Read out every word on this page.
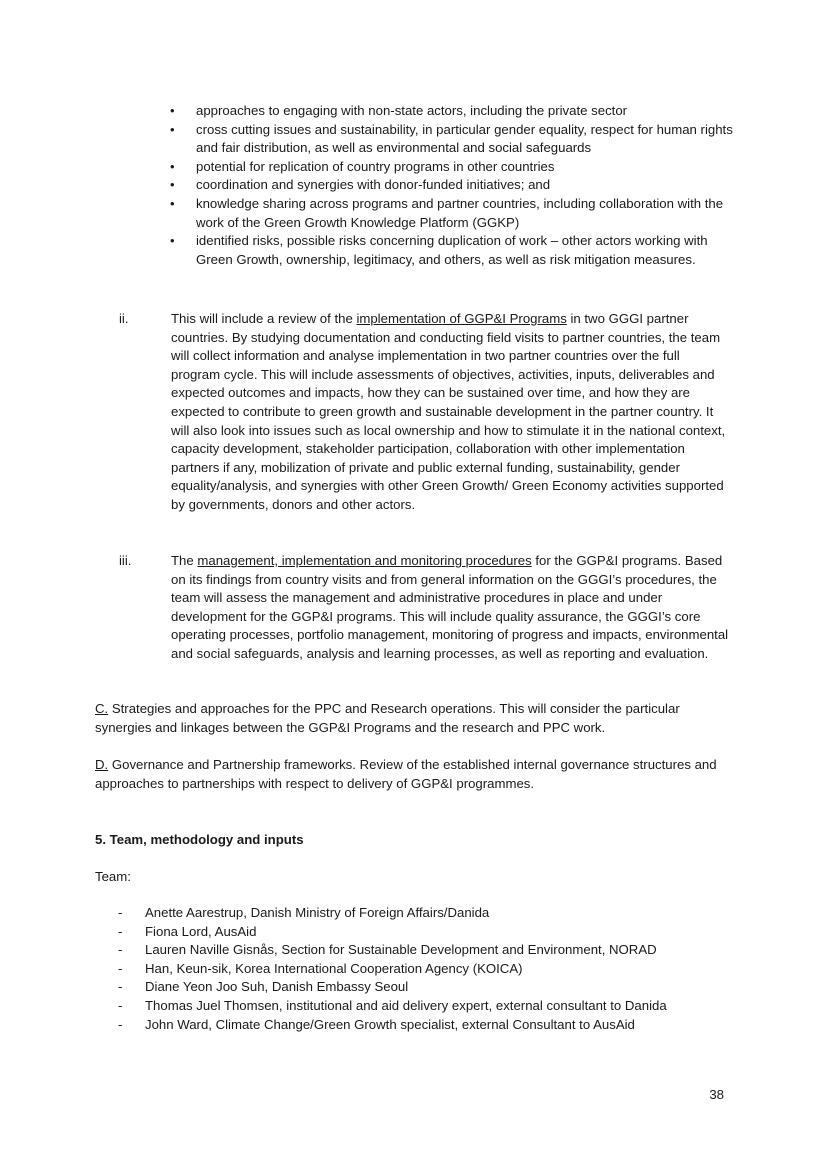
• approaches to engaging with non-state actors, including the private sector
• cross cutting issues and sustainability, in particular gender equality, respect for human rights and fair distribution, as well as environmental and social safeguards
• potential for replication of country programs in other countries
• coordination and synergies with donor-funded initiatives; and
• knowledge sharing across programs and partner countries, including collaboration with the work of the Green Growth Knowledge Platform (GGKP)
• identified risks, possible risks concerning duplication of work – other actors working with Green Growth, ownership, legitimacy, and others, as well as risk mitigation measures.
ii.	This will include a review of the implementation of GGP&I Programs in two GGGI partner countries. By studying documentation and conducting field visits to partner countries, the team will collect information and analyse implementation in two partner countries over the full program cycle. This will include assessments of objectives, activities, inputs, deliverables and expected outcomes and impacts, how they can be sustained over time, and how they are expected to contribute to green growth and sustainable development in the partner country. It will also look into issues such as local ownership and how to stimulate it in the national context, capacity development, stakeholder participation, collaboration with other implementation partners if any, mobilization of private and public external funding, sustainability, gender equality/analysis, and synergies with other Green Growth/ Green Economy activities supported by governments, donors and other actors.
iii.	The management, implementation and monitoring procedures for the GGP&I programs. Based on its findings from country visits and from general information on the GGGI’s procedures, the team will assess the management and administrative procedures in place and under development for the GGP&I programs. This will include quality assurance, the GGGI’s core operating processes, portfolio management, monitoring of progress and impacts, environmental and social safeguards, analysis and learning processes, as well as reporting and evaluation.
C. Strategies and approaches for the PPC and Research operations. This will consider the particular synergies and linkages between the GGP&I Programs and the research and PPC work.
D. Governance and Partnership frameworks. Review of the established internal governance structures and approaches to partnerships with respect to delivery of GGP&I programmes.
5. Team, methodology and inputs
Team:
- Anette Aarestrup, Danish Ministry of Foreign Affairs/Danida
- Fiona Lord, AusAid
- Lauren Naville Gisnås, Section for Sustainable Development and Environment, NORAD
- Han, Keun-sik, Korea International Cooperation Agency (KOICA)
- Diane Yeon Joo Suh, Danish Embassy Seoul
- Thomas Juel Thomsen, institutional and aid delivery expert, external consultant to Danida
- John Ward, Climate Change/Green Growth specialist, external Consultant to AusAid
38
